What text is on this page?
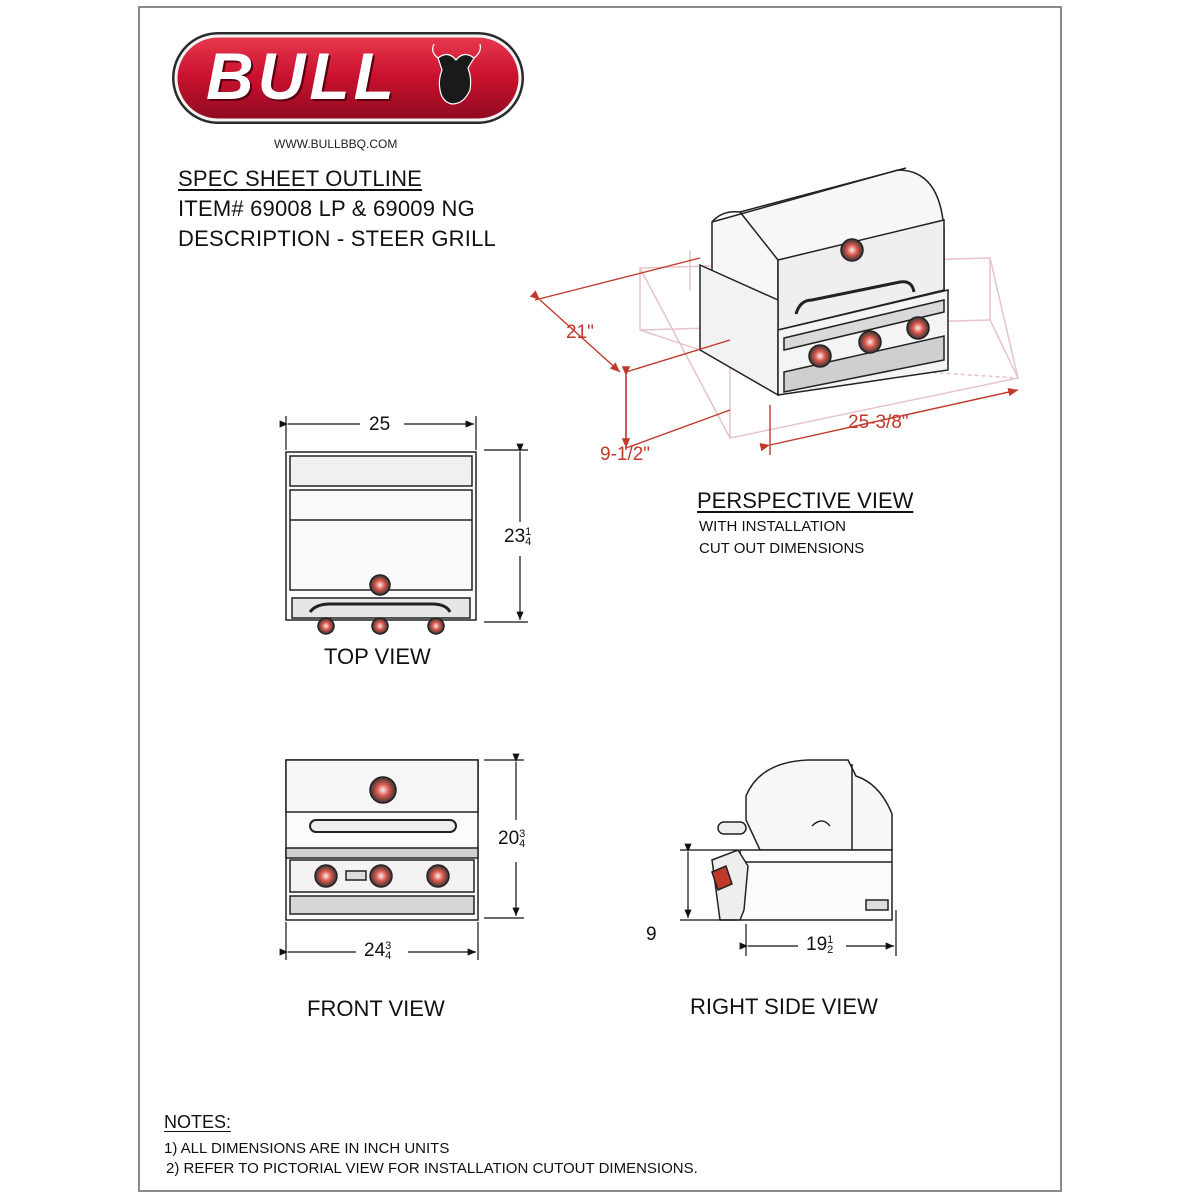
BULL
WWW.BULLBBQ.COM
SPEC SHEET OUTLINE
ITEM# 69008 LP & 69009 NG
DESCRIPTION - STEER GRILL
21"
9-1/2"
25-3/8"
PERSPECTIVE VIEW
WITH INSTALLATION
CUT OUT DIMENSIONS
25
231
4
TOP VIEW
203
4
243
4
FRONT VIEW
9	191
2
RIGHT SIDE VIEW
NOTES:
1) ALL DIMENSIONS ARE IN INCH UNITS
2) REFER TO PICTORIAL VIEW FOR INSTALLATION CUTOUT DIMENSIONS.
